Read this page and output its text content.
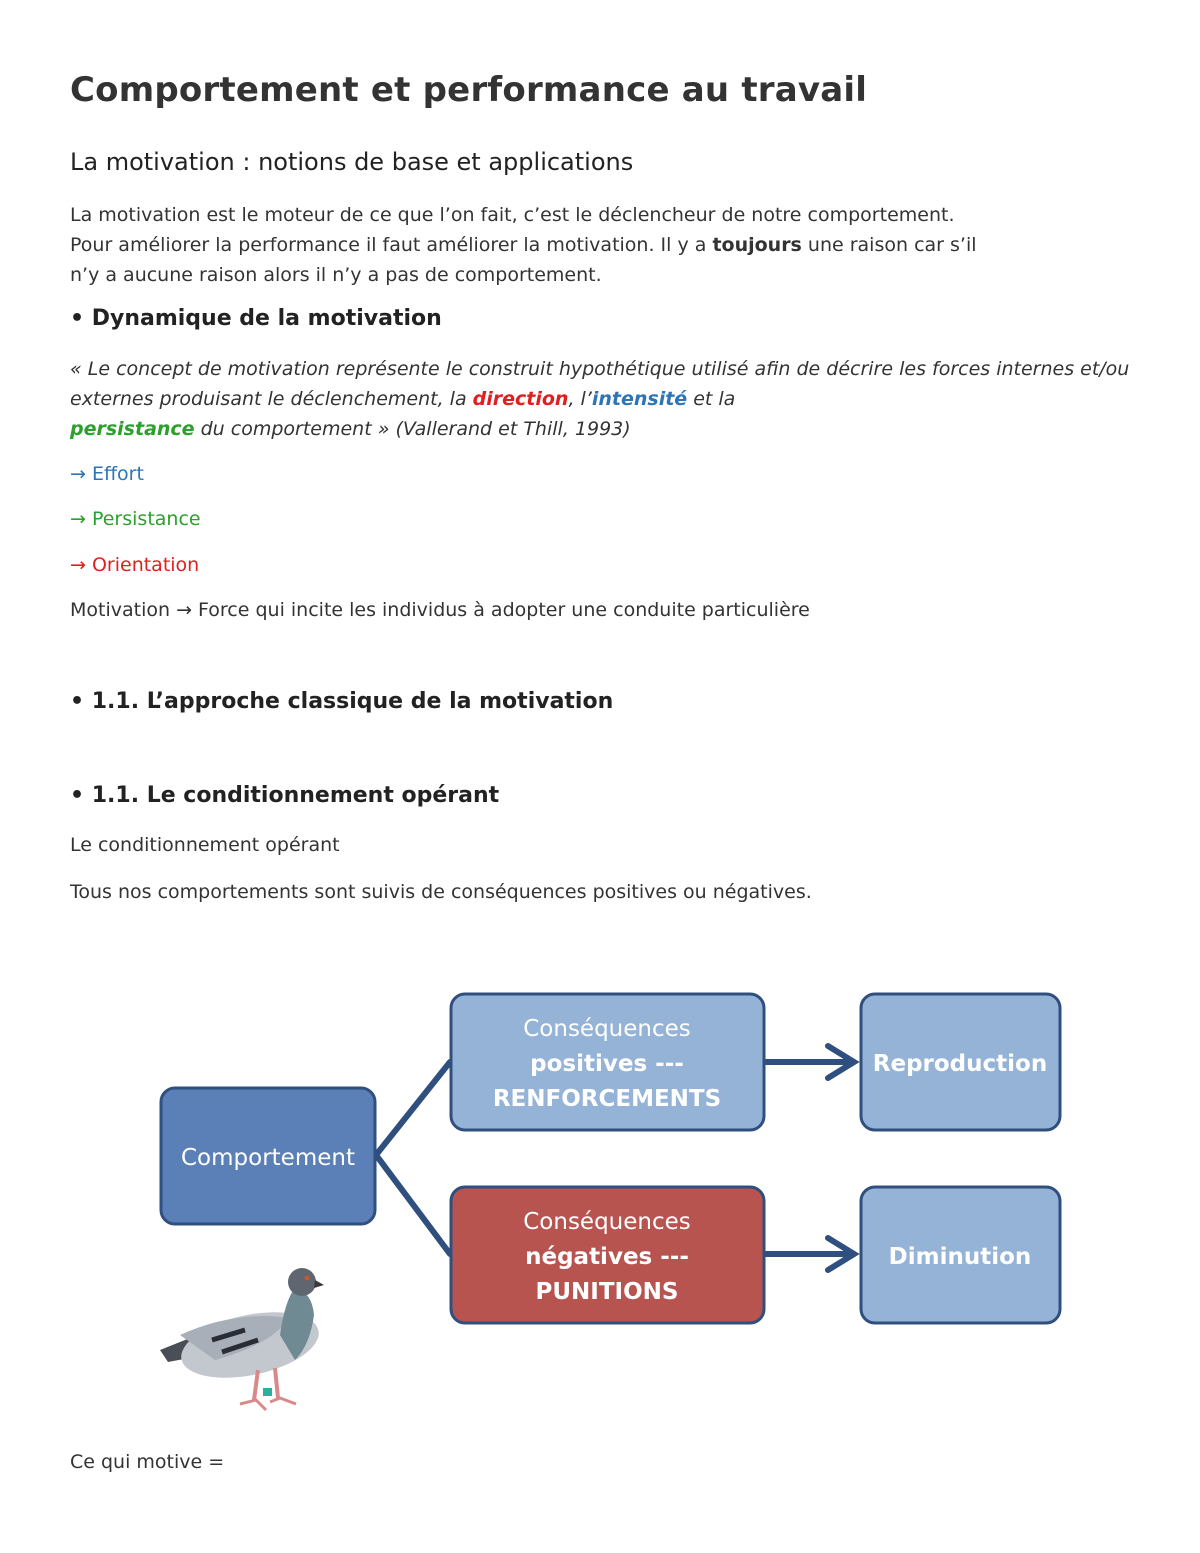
Comportement et performance au travail
La motivation : notions de base et applications

La motivation est le moteur de ce que l’on fait, c’est le déclencheur de notre comportement.
Pour améliorer la performance il faut améliorer la motivation. Il y a toujours une raison car s’il
n’y a aucune raison alors il n’y a pas de comportement.

• Dynamique de la motivation

« Le concept de motivation représente le construit hypothétique utilisé afin de décrire les forces internes et/ou externes produisant le déclenchement, la direction, l’intensité et la
persistance du comportement » (Vallerand et Thill, 1993)

→ Effort

→ Persistance

→ Orientation

Motivation → Force qui incite les individus à adopter une conduite particulière

• 1.1. L’approche classique de la motivation

• 1.1. Le conditionnement opérant

Le conditionnement opérant

Tous nos comportements sont suivis de conséquences positives ou négatives.

Ce qui motive =

Comportement
Conséquences
positives ---
RENFORCEMENTS
Conséquences
négatives ---
PUNITIONS
Reproduction
Diminution
